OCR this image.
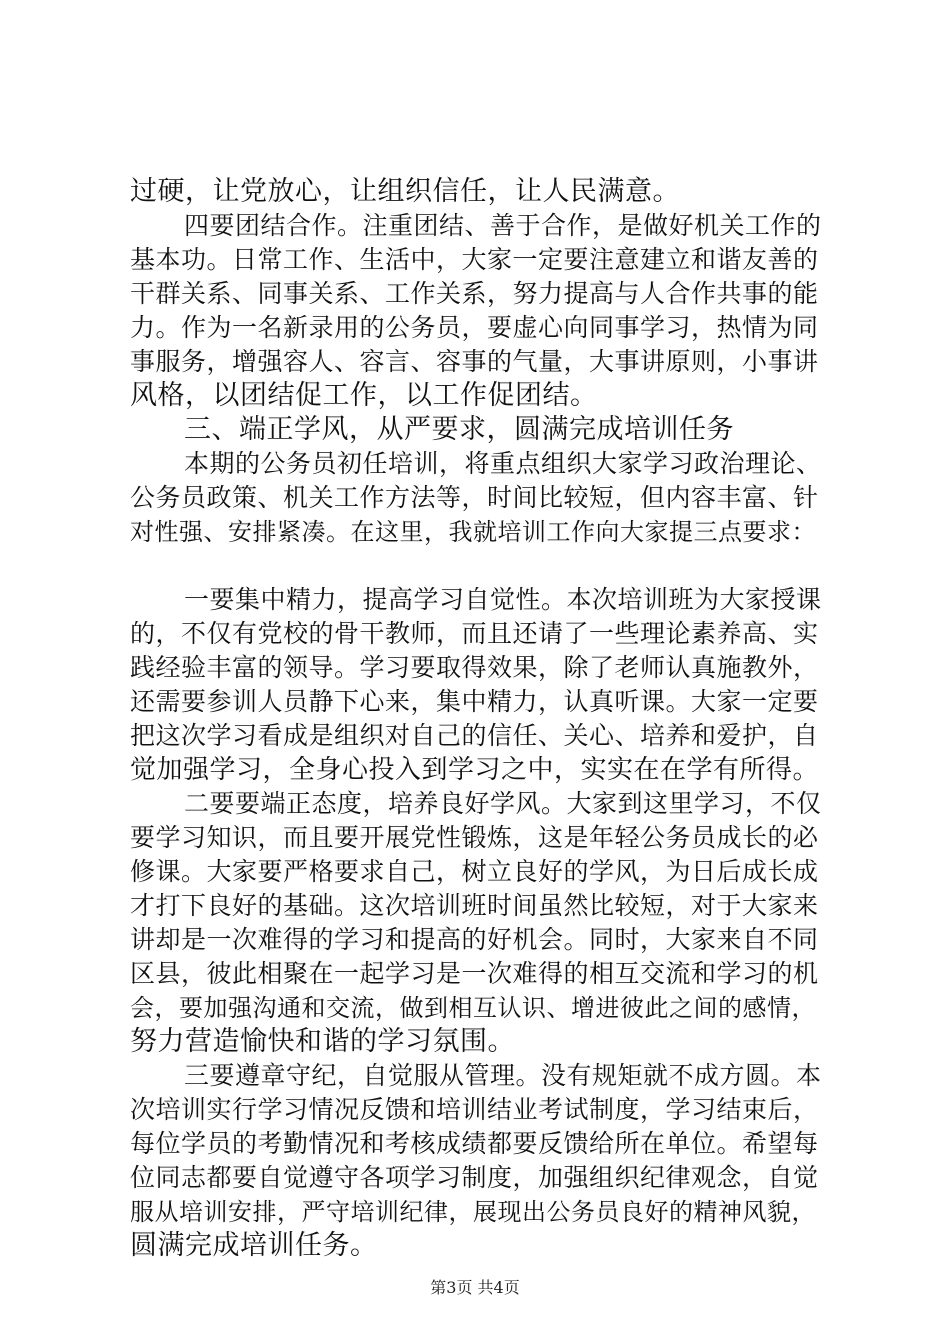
过硬，让党放心，让组织信任，让人民满意。
四要团结合作。注重团结、善于合作，是做好机关工作的
基本功。日常工作、生活中，大家一定要注意建立和谐友善的
干群关系、同事关系、工作关系，努力提高与人合作共事的能
力。作为一名新录用的公务员，要虚心向同事学习，热情为同
事服务，增强容人、容言、容事的气量，大事讲原则，小事讲
风格，以团结促工作，以工作促团结。
三、端正学风，从严要求，圆满完成培训任务
本期的公务员初任培训，将重点组织大家学习政治理论、
公务员政策、机关工作方法等，时间比较短，但内容丰富、针
对性强、安排紧凑。在这里，我就培训工作向大家提三点要求：
一要集中精力，提高学习自觉性。本次培训班为大家授课
的，不仅有党校的骨干教师，而且还请了一些理论素养高、实
践经验丰富的领导。学习要取得效果，除了老师认真施教外，
还需要参训人员静下心来，集中精力，认真听课。大家一定要
把这次学习看成是组织对自己的信任、关心、培养和爱护，自
觉加强学习，全身心投入到学习之中，实实在在学有所得。
二要要端正态度，培养良好学风。大家到这里学习，不仅
要学习知识，而且要开展党性锻炼，这是年轻公务员成长的必
修课。大家要严格要求自己，树立良好的学风，为日后成长成
才打下良好的基础。这次培训班时间虽然比较短，对于大家来
讲却是一次难得的学习和提高的好机会。同时，大家来自不同
区县，彼此相聚在一起学习是一次难得的相互交流和学习的机
会，要加强沟通和交流，做到相互认识、增进彼此之间的感情，
努力营造愉快和谐的学习氛围。
三要遵章守纪，自觉服从管理。没有规矩就不成方圆。本
次培训实行学习情况反馈和培训结业考试制度，学习结束后，
每位学员的考勤情况和考核成绩都要反馈给所在单位。希望每
位同志都要自觉遵守各项学习制度，加强组织纪律观念，自觉
服从培训安排，严守培训纪律，展现出公务员良好的精神风貌，
圆满完成培训任务。
第3页 共4页
